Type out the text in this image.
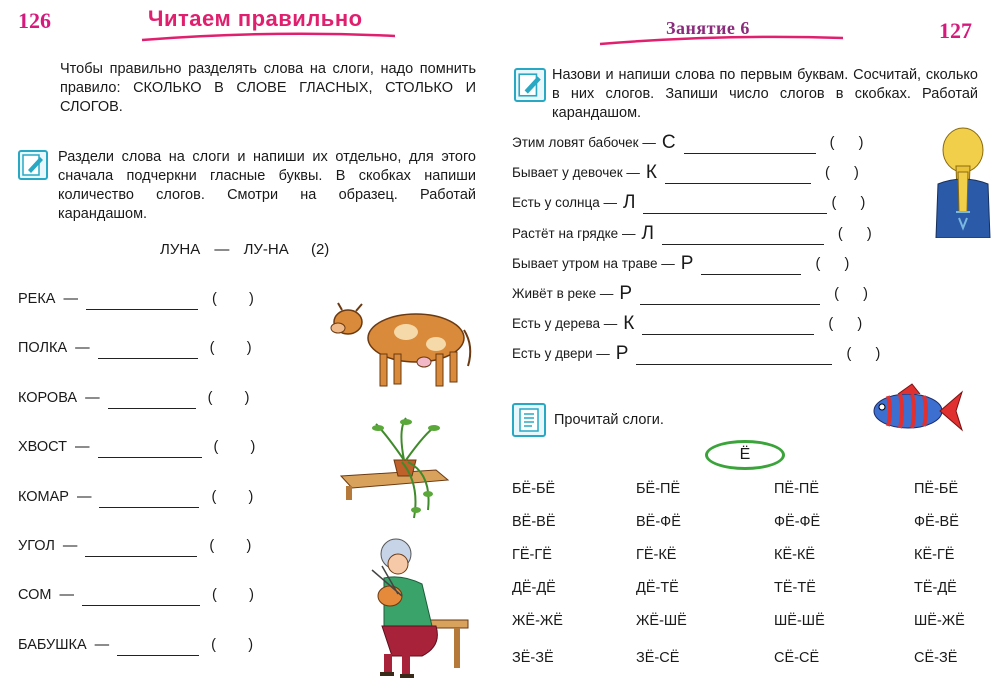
126	Читаем правильно
Чтобы правильно разделять слова на слоги, надо помнить правило: СКОЛЬКО В СЛОВЕ ГЛАСНЫХ, СТОЛЬКО И СЛОГОВ.
Раздели слова на слоги и напиши их отдельно, для этого сначала подчеркни гласные буквы. В скобках напиши количество слогов. Смотри на образец. Работай карандашом.
ЛУНА — ЛУ-НА (2)
РЕКА —	(        )
ПОЛКА —	(        )
КОРОВА —	(        )
ХВОСТ —	(        )
КОМАР —	(        )
УГОЛ —	(        )
СОМ —	(        )
БАБУШКА —	(        )
Занятие 6	127
Назови и напиши слова по первым буквам. Сосчитай, сколько в них слогов. Запиши число слогов в скобках. Работай карандашом.
Этим ловят бабочек — С	(      )
Бывает у девочек — К	(      )
Есть у солнца — Л	(      )
Растёт на грядке — Л	(      )
Бывает утром на траве — Р	(      )
Живёт в реке — Р	(      )
Есть у дерева — К	(      )
Есть у двери — Р	(      )
Прочитай слоги.
Ё
БЁ-БЁ	БЁ-ПЁ	ПЁ-ПЁ	ПЁ-БЁ
ВЁ-ВЁ	ВЁ-ФЁ	ФЁ-ФЁ	ФЁ-ВЁ
ГЁ-ГЁ	ГЁ-КЁ	КЁ-КЁ	КЁ-ГЁ
ДЁ-ДЁ	ДЁ-ТЁ	ТЁ-ТЁ	ТЁ-ДЁ
ЖЁ-ЖЁ	ЖЁ-ШЁ	ШЁ-ШЁ	ШЁ-ЖЁ
ЗЁ-ЗЁ	ЗЁ-СЁ	СЁ-СЁ	СЁ-ЗЁ
